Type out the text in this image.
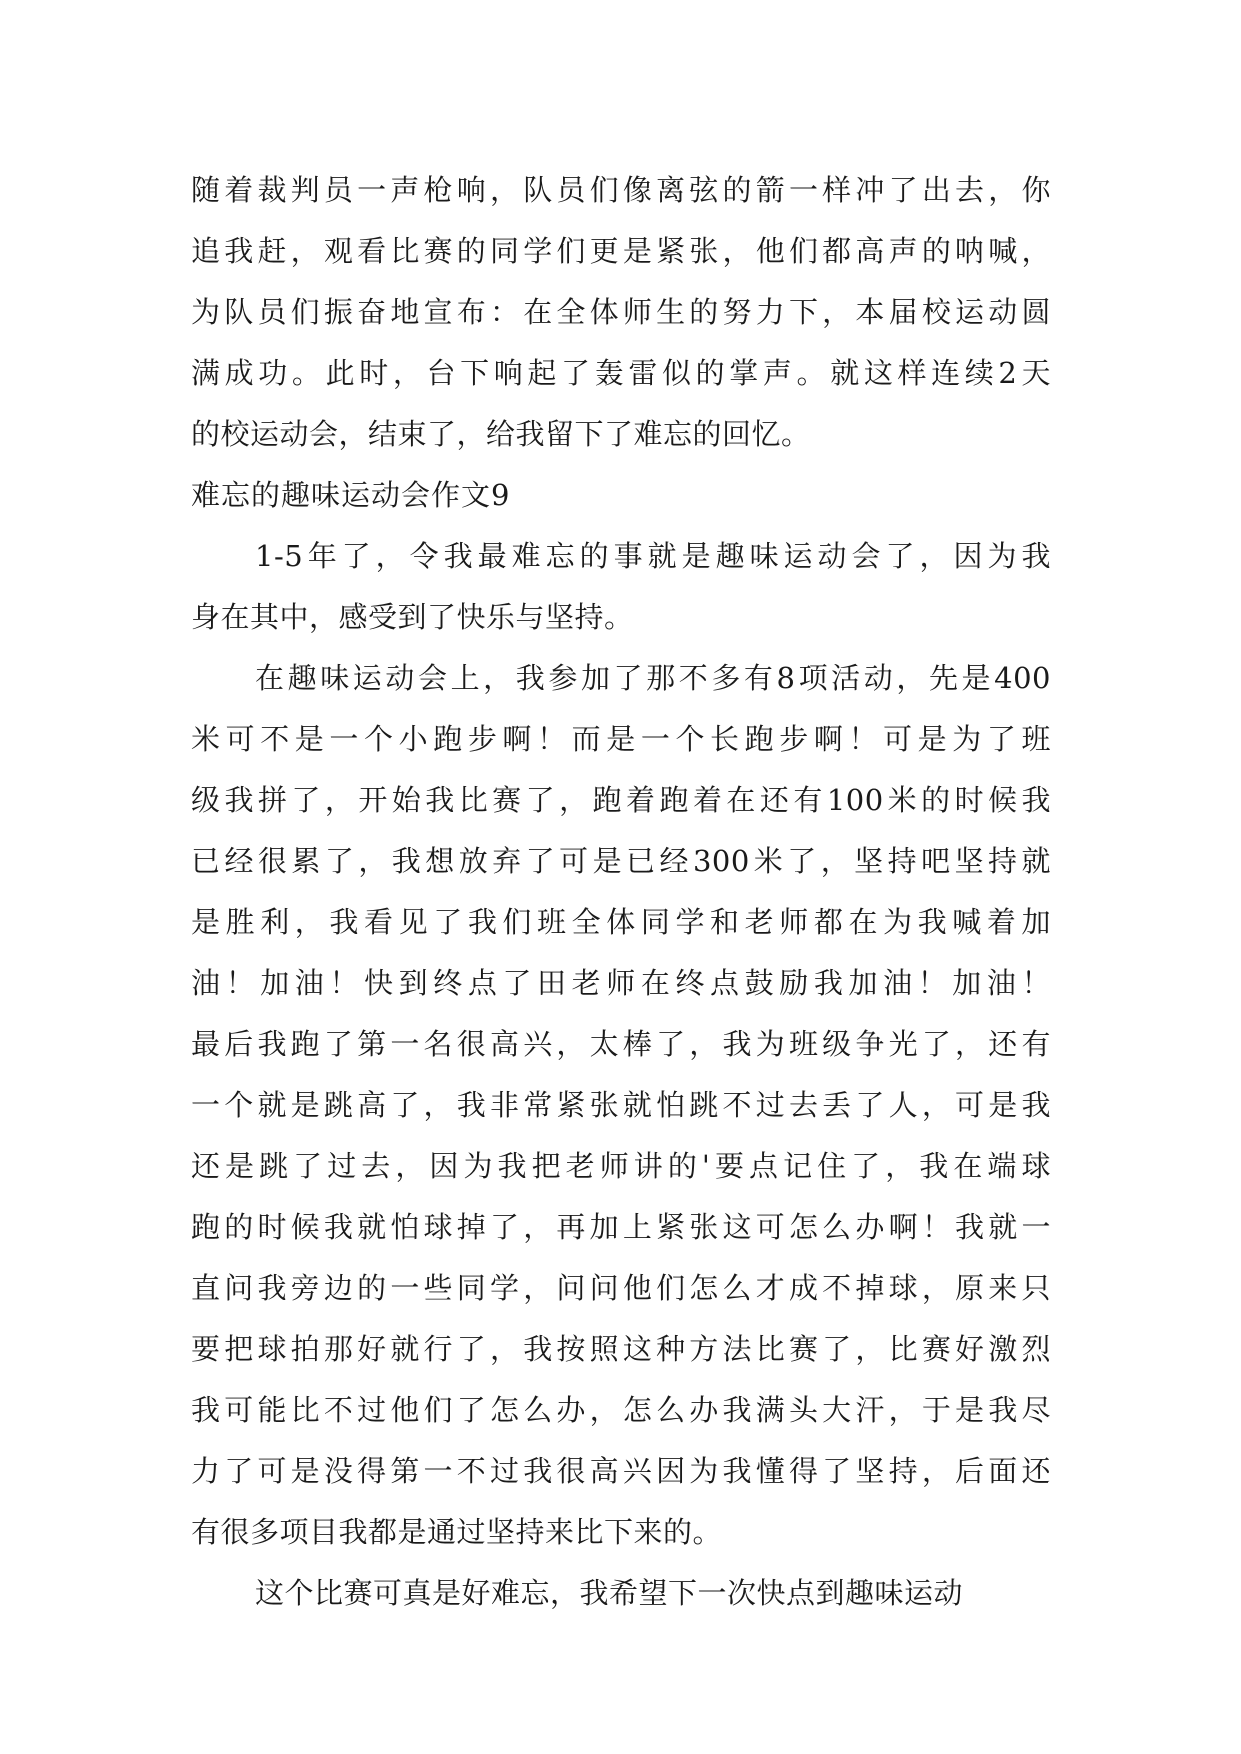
随着裁判员一声枪响，队员们像离弦的箭一样冲了出去，你
追我赶，观看比赛的同学们更是紧张，他们都高声的呐喊，
为队员们振奋地宣布：在全体师生的努力下，本届校运动圆
满成功。此时，台下响起了轰雷似的掌声。就这样连续2天
的校运动会，结束了，给我留下了难忘的回忆。
难忘的趣味运动会作文9
1-5年了，令我最难忘的事就是趣味运动会了，因为我
身在其中，感受到了快乐与坚持。
在趣味运动会上，我参加了那不多有8项活动，先是400
米可不是一个小跑步啊！而是一个长跑步啊！可是为了班
级我拼了，开始我比赛了，跑着跑着在还有100米的时候我
已经很累了，我想放弃了可是已经300米了，坚持吧坚持就
是胜利，我看见了我们班全体同学和老师都在为我喊着加
油！加油！快到终点了田老师在终点鼓励我加油！加油！
最后我跑了第一名很高兴，太棒了，我为班级争光了，还有
一个就是跳高了，我非常紧张就怕跳不过去丢了人，可是我
还是跳了过去，因为我把老师讲的'要点记住了，我在端球
跑的时候我就怕球掉了，再加上紧张这可怎么办啊！我就一
直问我旁边的一些同学，问问他们怎么才成不掉球，原来只
要把球拍那好就行了，我按照这种方法比赛了，比赛好激烈
我可能比不过他们了怎么办，怎么办我满头大汗，于是我尽
力了可是没得第一不过我很高兴因为我懂得了坚持，后面还
有很多项目我都是通过坚持来比下来的。
这个比赛可真是好难忘，我希望下一次快点到趣味运动
